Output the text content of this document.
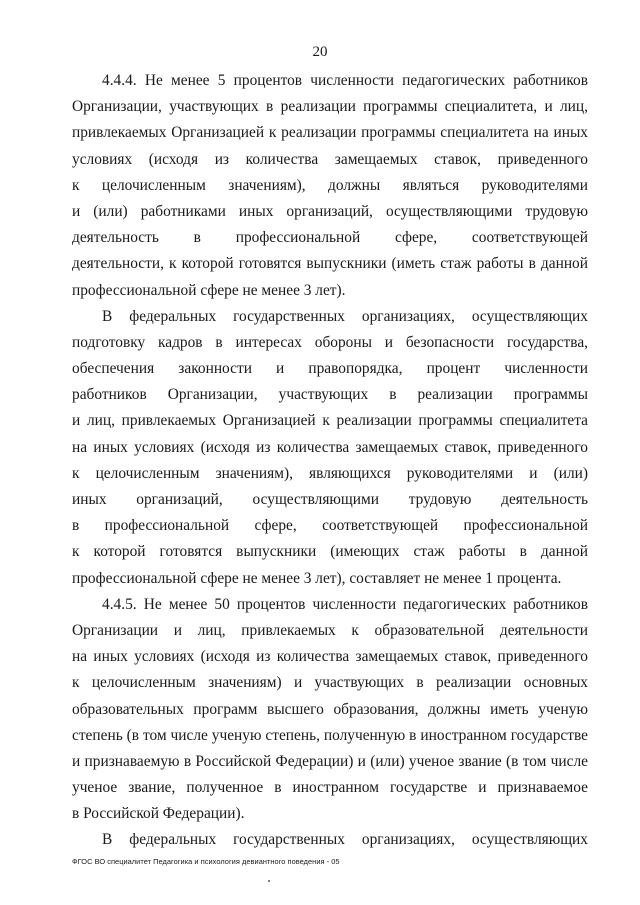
20

4.4.4. Не менее 5 процентов численности педагогических работников
Организации, участвующих в реализации программы специалитета, и лиц,
привлекаемых Организацией к реализации программы специалитета на иных
условиях (исходя из количества замещаемых ставок, приведенного
к целочисленным значениям), должны являться руководителями
и (или) работниками иных организаций, осуществляющими трудовую
деятельность в профессиональной сфере, соответствующей
деятельности, к которой готовятся выпускники (иметь стаж работы в данной
профессиональной сфере не менее 3 лет).

В федеральных государственных организациях, осуществляющих
подготовку кадров в интересах обороны и безопасности государства,
обеспечения законности и правопорядка, процент численности
работников Организации, участвующих в реализации программы
и лиц, привлекаемых Организацией к реализации программы специалитета
на иных условиях (исходя из количества замещаемых ставок, приведенного
к целочисленным значениям), являющихся руководителями и (или)
иных организаций, осуществляющими трудовую деятельность
в профессиональной сфере, соответствующей профессиональной
к которой готовятся выпускники (имеющих стаж работы в данной
профессиональной сфере не менее 3 лет), составляет не менее 1 процента.

4.4.5. Не менее 50 процентов численности педагогических работников
Организации и лиц, привлекаемых к образовательной деятельности
на иных условиях (исходя из количества замещаемых ставок, приведенного
к целочисленным значениям) и участвующих в реализации основных
образовательных программ высшего образования, должны иметь ученую
степень (в том числе ученую степень, полученную в иностранном государстве
и признаваемую в Российской Федерации) и (или) ученое звание (в том числе
ученое звание, полученное в иностранном государстве и признаваемое
в Российской Федерации).

В федеральных государственных организациях, осуществляющих

ФГОС ВО специалитет Педагогика и психология девиантного поведения - 05
